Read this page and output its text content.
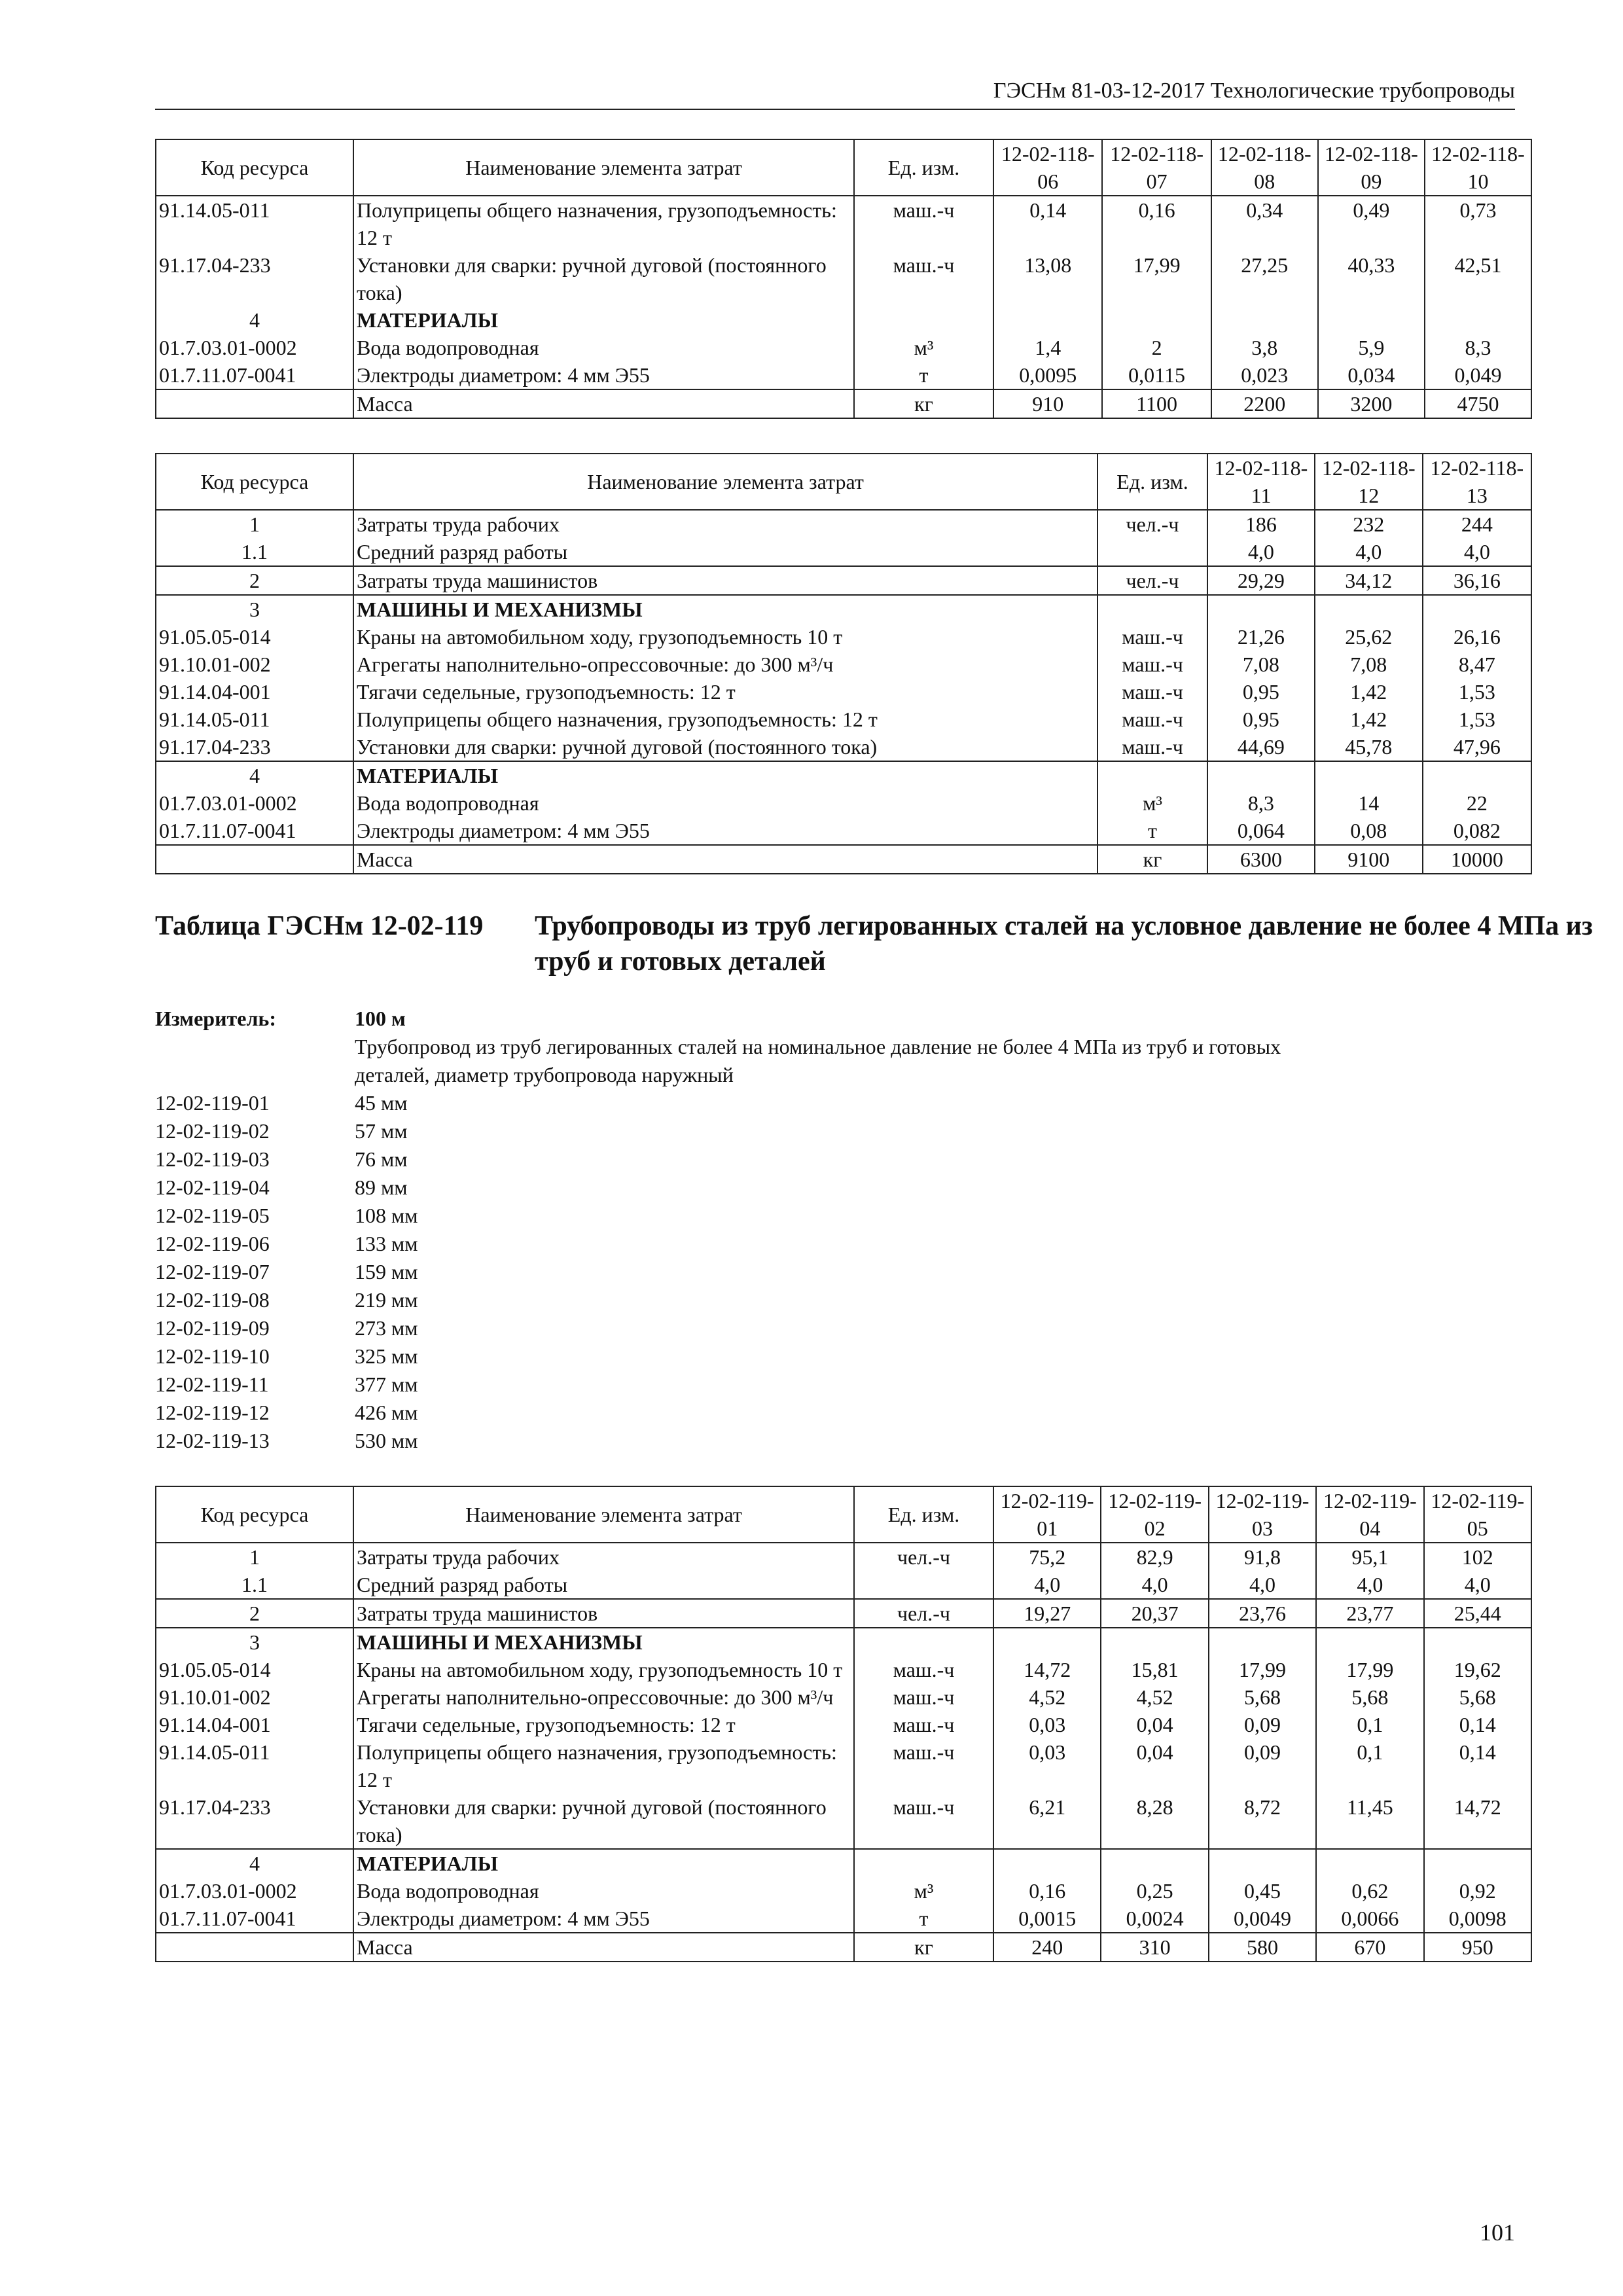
ГЭСНм 81-03-12-2017 Технологические трубопроводы
Код ресурса	Наименование элемента затрат	Ед. изм.	12-02-118-06	12-02-118-07	12-02-118-08	12-02-118-09	12-02-118-10
91.14.05-011	Полуприцепы общего назначения, грузоподъемность: 12 т	маш.-ч	0,14	0,16	0,34	0,49	0,73
91.17.04-233	Установки для сварки: ручной дуговой (постоянного тока)	маш.-ч	13,08	17,99	27,25	40,33	42,51
4	МАТЕРИАЛЫ						
01.7.03.01-0002	Вода водопроводная	м³	1,4	2	3,8	5,9	8,3
01.7.11.07-0041	Электроды диаметром: 4 мм Э55	т	0,0095	0,0115	0,023	0,034	0,049
	Масса	кг	910	1100	2200	3200	4750
Код ресурса	Наименование элемента затрат	Ед. изм.	12-02-118-11	12-02-118-12	12-02-118-13
1	Затраты труда рабочих	чел.-ч	186	232	244
1.1	Средний разряд работы		4,0	4,0	4,0
2	Затраты труда машинистов	чел.-ч	29,29	34,12	36,16
3	МАШИНЫ И МЕХАНИЗМЫ				
91.05.05-014	Краны на автомобильном ходу, грузоподъемность 10 т	маш.-ч	21,26	25,62	26,16
91.10.01-002	Агрегаты наполнительно-опрессовочные: до 300 м³/ч	маш.-ч	7,08	7,08	8,47
91.14.04-001	Тягачи седельные, грузоподъемность: 12 т	маш.-ч	0,95	1,42	1,53
91.14.05-011	Полуприцепы общего назначения, грузоподъемность: 12 т	маш.-ч	0,95	1,42	1,53
91.17.04-233	Установки для сварки: ручной дуговой (постоянного тока)	маш.-ч	44,69	45,78	47,96
4	МАТЕРИАЛЫ				
01.7.03.01-0002	Вода водопроводная	м³	8,3	14	22
01.7.11.07-0041	Электроды диаметром: 4 мм Э55	т	0,064	0,08	0,082
	Масса	кг	6300	9100	10000
Таблица ГЭСНм 12-02-119 Трубопроводы из труб легированных сталей на условное давление не более 4 МПа из труб и готовых деталей
Измеритель:	100 м
Трубопровод из труб легированных сталей на номинальное давление не более 4 МПа из труб и готовых
деталей, диаметр трубопровода наружный
12-02-119-01	45 мм
12-02-119-02	57 мм
12-02-119-03	76 мм
12-02-119-04	89 мм
12-02-119-05	108 мм
12-02-119-06	133 мм
12-02-119-07	159 мм
12-02-119-08	219 мм
12-02-119-09	273 мм
12-02-119-10	325 мм
12-02-119-11	377 мм
12-02-119-12	426 мм
12-02-119-13	530 мм
Код ресурса	Наименование элемента затрат	Ед. изм.	12-02-119-01	12-02-119-02	12-02-119-03	12-02-119-04	12-02-119-05
1	Затраты труда рабочих	чел.-ч	75,2	82,9	91,8	95,1	102
1.1	Средний разряд работы		4,0	4,0	4,0	4,0	4,0
2	Затраты труда машинистов	чел.-ч	19,27	20,37	23,76	23,77	25,44
3	МАШИНЫ И МЕХАНИЗМЫ						
91.05.05-014	Краны на автомобильном ходу, грузоподъемность 10 т	маш.-ч	14,72	15,81	17,99	17,99	19,62
91.10.01-002	Агрегаты наполнительно-опрессовочные: до 300 м³/ч	маш.-ч	4,52	4,52	5,68	5,68	5,68
91.14.04-001	Тягачи седельные, грузоподъемность: 12 т	маш.-ч	0,03	0,04	0,09	0,1	0,14
91.14.05-011	Полуприцепы общего назначения, грузоподъемность: 12 т	маш.-ч	0,03	0,04	0,09	0,1	0,14
91.17.04-233	Установки для сварки: ручной дуговой (постоянного тока)	маш.-ч	6,21	8,28	8,72	11,45	14,72
4	МАТЕРИАЛЫ						
01.7.03.01-0002	Вода водопроводная	м³	0,16	0,25	0,45	0,62	0,92
01.7.11.07-0041	Электроды диаметром: 4 мм Э55	т	0,0015	0,0024	0,0049	0,0066	0,0098
	Масса	кг	240	310	580	670	950
101
